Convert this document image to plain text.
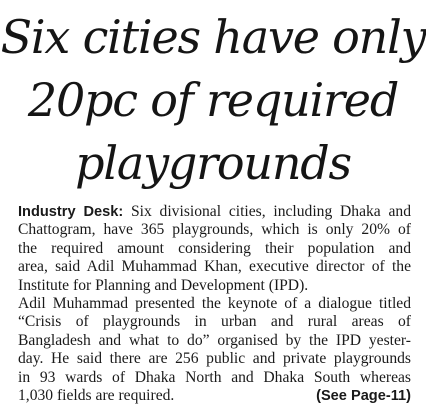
Six cities have only
20pc of required
playgrounds

Industry Desk: Six divisional cities, including Dhaka and
Chattogram, have 365 playgrounds, which is only 20% of
the required amount considering their population and
area, said Adil Muhammad Khan, executive director of the
Institute for Planning and Development (IPD).

Adil Muhammad presented the keynote of a dialogue titled
“Crisis of playgrounds in urban and rural areas of
Bangladesh and what to do” organised by the IPD yester-
day. He said there are 256 public and private playgrounds
in 93 wards of Dhaka North and Dhaka South whereas
1,030 fields are required.	(See Page-11)
